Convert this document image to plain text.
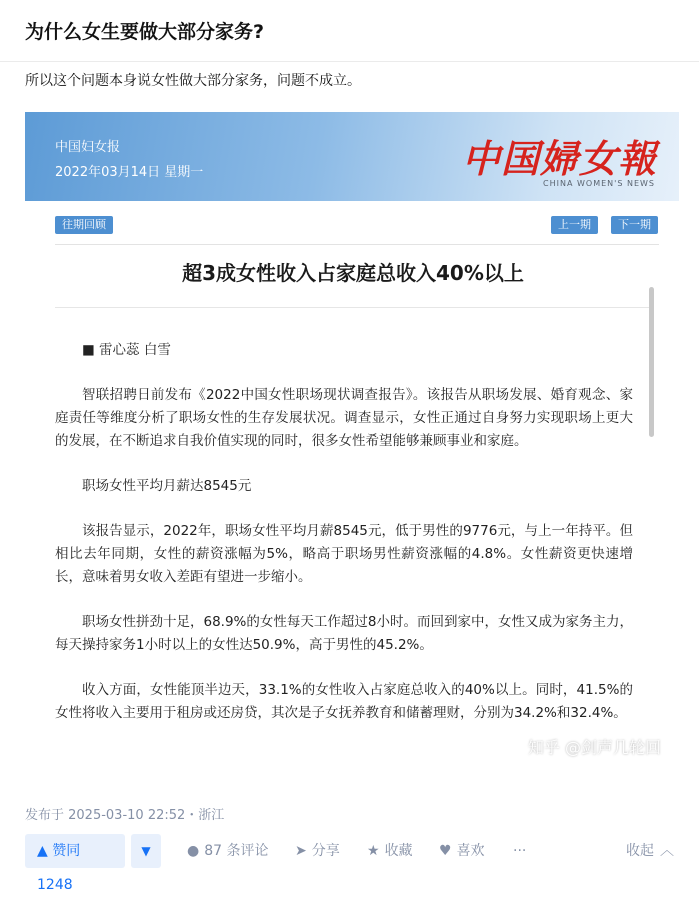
为什么女生要做大部分家务?
所以这个问题本身说女性做大部分家务，问题不成立。
中国妇女报
2022年03月14日 星期一	中国婦女報
CHINA WOMEN'S NEWS
往期回顾	上一期	下一期
超3成女性收入占家庭总收入40%以上

■ 雷心蕊 白雪

智联招聘日前发布《2022中国女性职场现状调查报告》。该报告从职场发展、婚育观念、家庭责任等维度分析了职场女性的生存发展状况。调查显示，女性正通过自身努力实现职场上更大的发展，在不断追求自我价值实现的同时，很多女性希望能够兼顾事业和家庭。

职场女性平均月薪达8545元

该报告显示，2022年，职场女性平均月薪8545元，低于男性的9776元，与上一年持平。但相比去年同期，女性的薪资涨幅为5%，略高于职场男性薪资涨幅的4.8%。女性薪资更快速增长，意味着男女收入差距有望进一步缩小。

职场女性拼劲十足，68.9%的女性每天工作超过8小时。而回到家中，女性又成为家务主力，每天操持家务1小时以上的女性达50.9%，高于男性的45.2%。

收入方面，女性能顶半边天，33.1%的女性收入占家庭总收入的40%以上。同时，41.5%的女性将收入主要用于租房或还房贷，其次是子女抚养教育和储蓄理财，分别为34.2%和32.4%。

知乎 @剑声几轮回
发布于 2025-03-10 22:52・浙江
▲ 赞同 1248
▼	● 87 条评论 ➤ 分享 ★ 收藏 ♥ 喜欢 ···	收起 ︿
